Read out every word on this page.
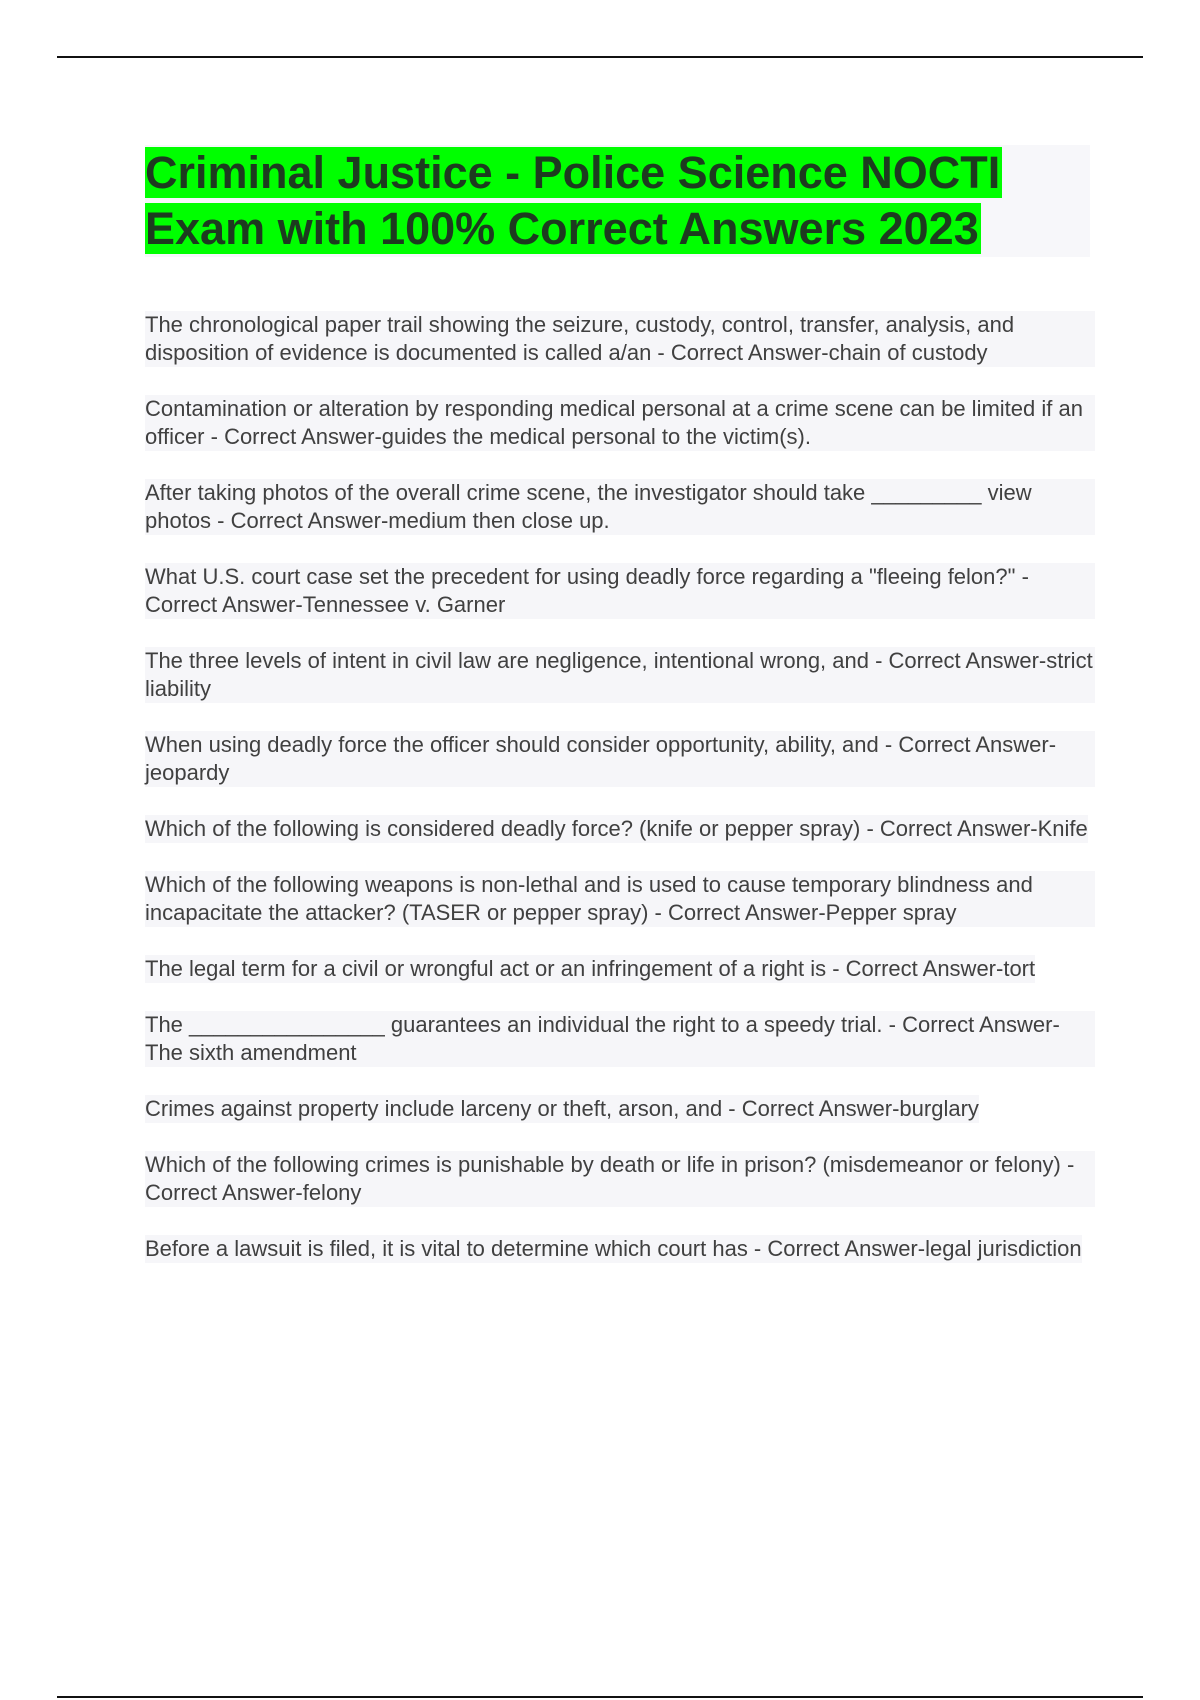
Criminal Justice - Police Science NOCTI Exam with 100% Correct Answers 2023

The chronological paper trail showing the seizure, custody, control, transfer, analysis, and disposition of evidence is documented is called a/an - Correct Answer-chain of custody

Contamination or alteration by responding medical personal at a crime scene can be limited if an officer - Correct Answer-guides the medical personal to the victim(s).

After taking photos of the overall crime scene, the investigator should take _________ view photos - Correct Answer-medium then close up.

What U.S. court case set the precedent for using deadly force regarding a "fleeing felon?" - Correct Answer-Tennessee v. Garner

The three levels of intent in civil law are negligence, intentional wrong, and - Correct Answer-strict liability

When using deadly force the officer should consider opportunity, ability, and - Correct Answer-jeopardy

Which of the following is considered deadly force? (knife or pepper spray) - Correct Answer-Knife

Which of the following weapons is non-lethal and is used to cause temporary blindness and incapacitate the attacker? (TASER or pepper spray) - Correct Answer-Pepper spray

The legal term for a civil or wrongful act or an infringement of a right is - Correct Answer-tort

The ________________ guarantees an individual the right to a speedy trial. - Correct Answer-The sixth amendment

Crimes against property include larceny or theft, arson, and - Correct Answer-burglary

Which of the following crimes is punishable by death or life in prison? (misdemeanor or felony) - Correct Answer-felony

Before a lawsuit is filed, it is vital to determine which court has - Correct Answer-legal jurisdiction
